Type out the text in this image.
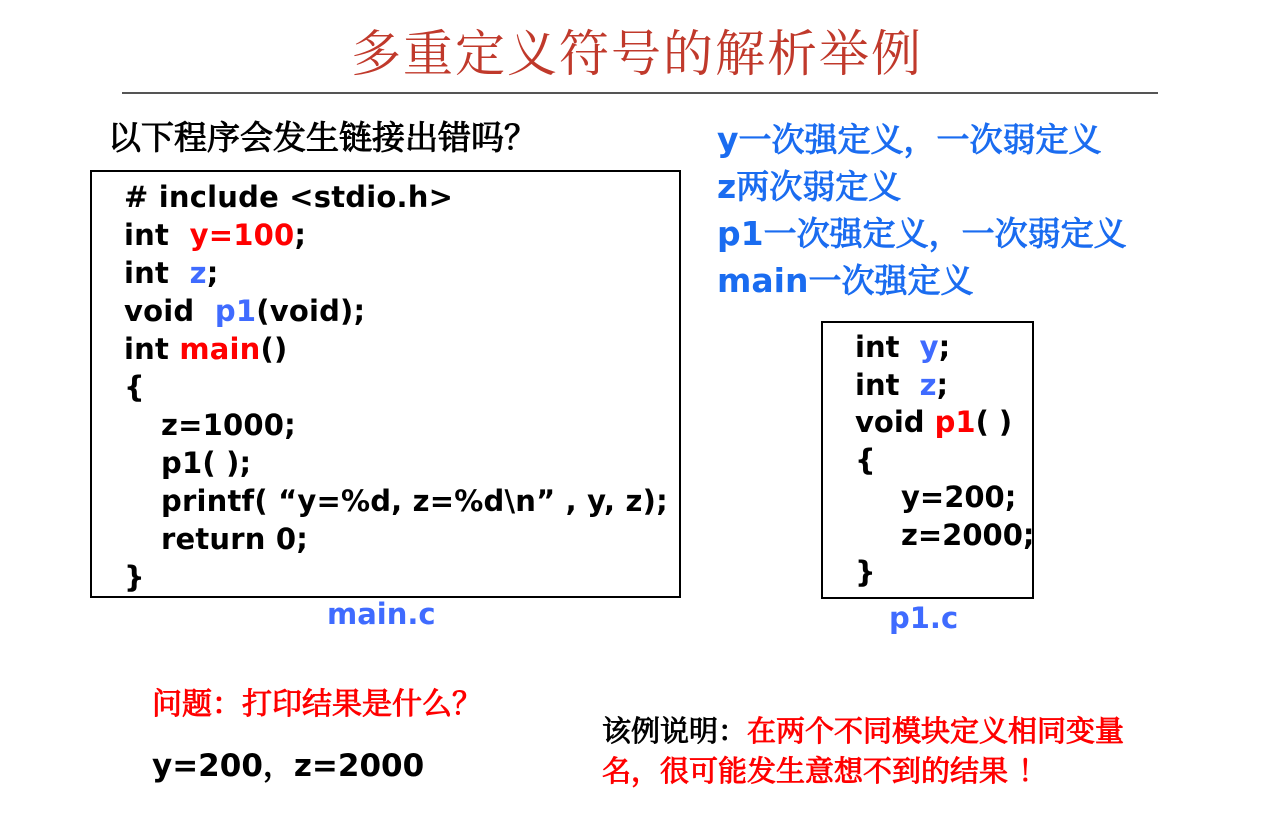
多重定义符号的解析举例
以下程序会发生链接出错吗？
# include <stdio.h>
int  y=100;
int  z;
void  p1(void);
int main()
{
z=1000;
p1( );
printf( “y=%d, z=%d\n” , y, z);
return 0;
}
main.c
y一次强定义，一次弱定义
z两次弱定义
p1一次强定义，一次弱定义
main一次强定义
int  y;
int  z;
void p1( )
{
y=200;
z=2000;
}
p1.c
问题：打印结果是什么？
y=200，z=2000
该例说明：在两个不同模块定义相同变量名，很可能发生意想不到的结果 ！
